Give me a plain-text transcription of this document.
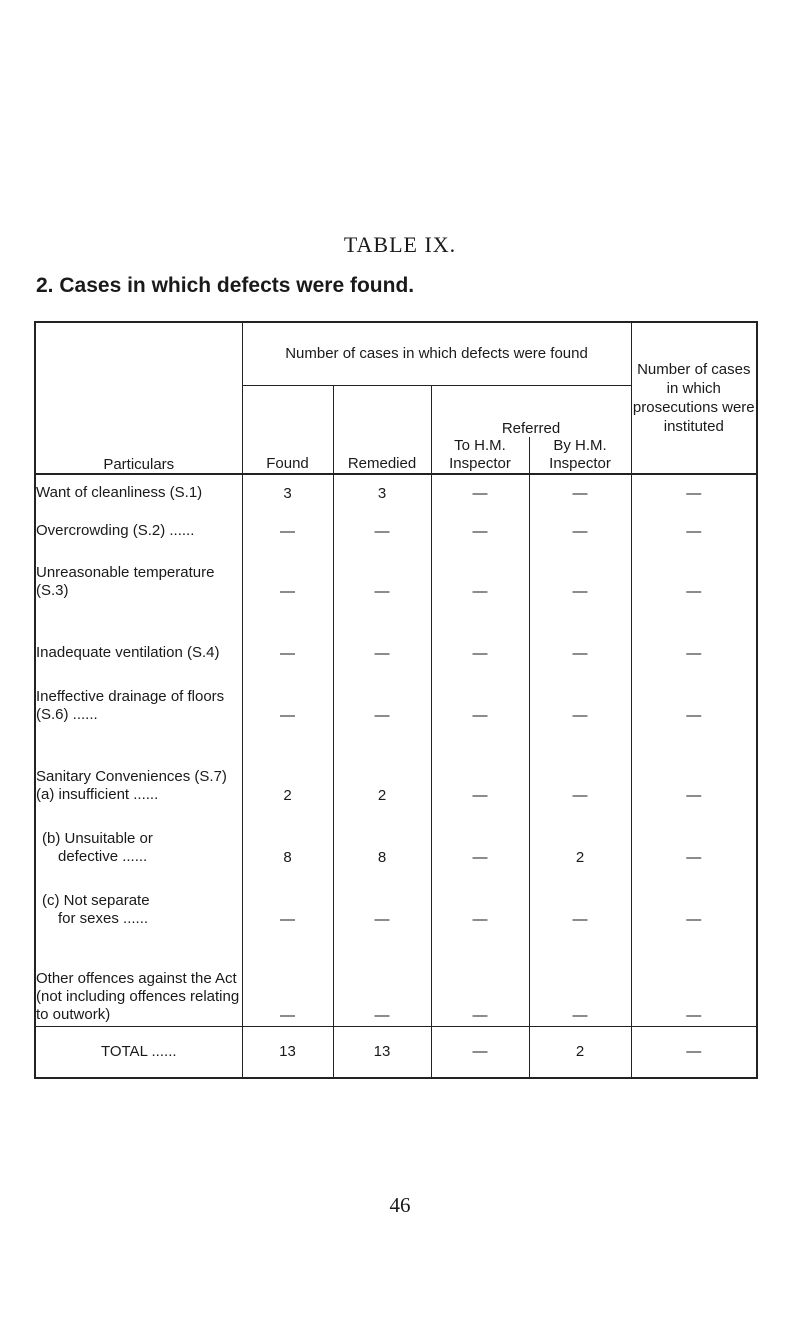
TABLE IX.
2. Cases in which defects were found.
Particulars	Number of cases in which defects were found				Number of cases in which prosecutions were instituted
	Found	Remedied	Referred		
			To H.M. Inspector	By H.M. Inspector	
Want of cleanliness (S.1)	3	3	—	—	—
Overcrowding (S.2) ......	—	—	—	—	—
Unreasonable temperature (S.3)	—	—	—	—	—
Inadequate ventilation (S.4)	—	—	—	—	—
Ineffective drainage of floors (S.6) ......	—	—	—	—	—
Sanitary Conveniences (S.7)
(a) insufficient ......	2	2	—	—	—
(b) Unsuitable or
defective ......	8	8	—	2	—
(c) Not separate
for sexes ......	—	—	—	—	—
Other offences against the Act (not including offences relating to outwork)	—	—	—	—	—
TOTAL ......	13	13	—	2	—
46
